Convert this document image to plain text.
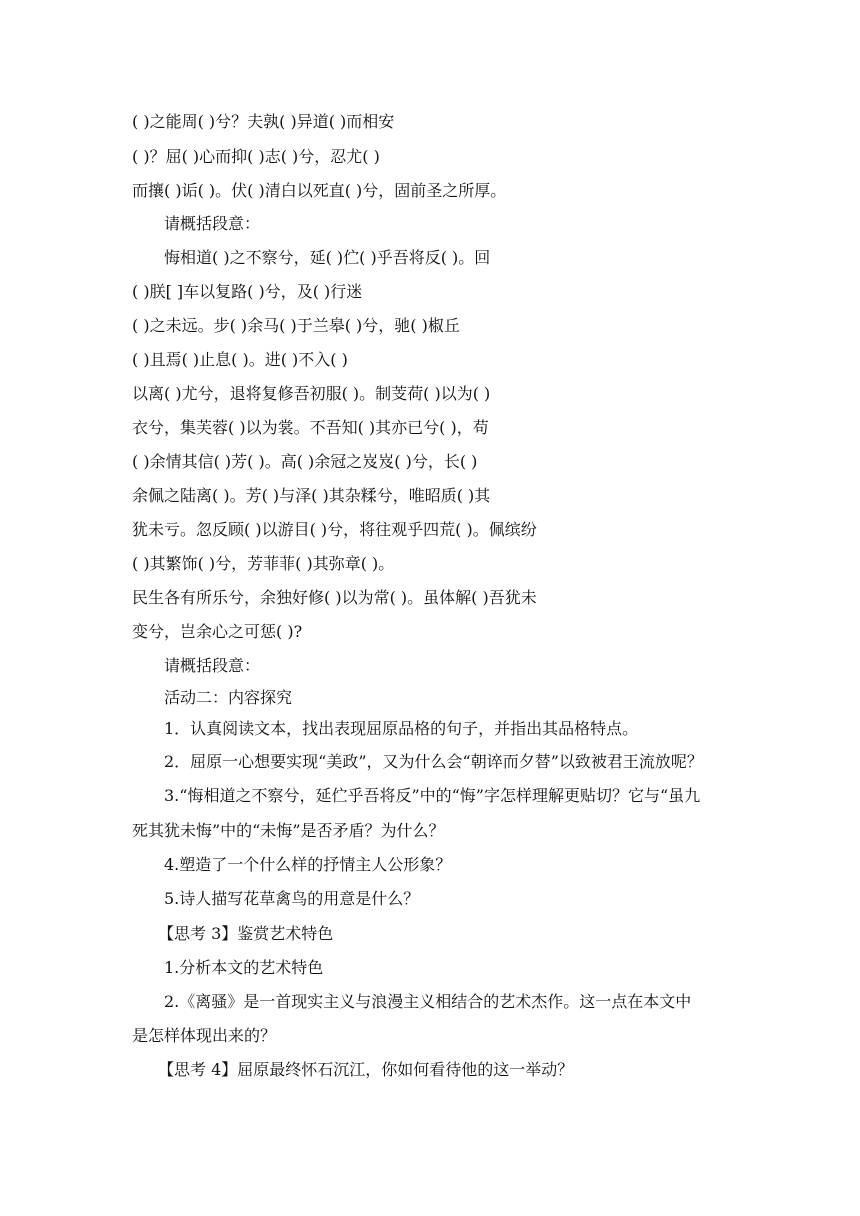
( )之能周( )兮？夫孰( )异道( )而相安
( )？屈( )心而抑( )志( )兮，忍尤( )
而攘( )诟( )。伏( )清白以死直( )兮，固前圣之所厚。
请概括段意：
悔相道( )之不察兮，延( )伫( )乎吾将反( )。回
( )朕[ ]车以复路( )兮，及( )行迷
( )之未远。步( )余马( )于兰皋( )兮，驰( )椒丘
( )且焉( )止息( )。进( )不入( )
以离( )尤兮，退将复修吾初服( )。制芰荷( )以为( )
衣兮，集芙蓉( )以为裳。不吾知( )其亦已兮( )，苟
( )余情其信( )芳( )。高( )余冠之岌岌( )兮，长( )
余佩之陆离( )。芳( )与泽( )其杂糅兮，唯昭质( )其
犹未亏。忽反顾( )以游目( )兮，将往观乎四荒( )。佩缤纷
( )其繁饰( )兮，芳菲菲( )其弥章( )。
民生各有所乐兮，余独好修( )以为常( )。虽体解( )吾犹未
变兮，岂余心之可惩( )?
请概括段意：
活动二：内容探究
1．认真阅读文本，找出表现屈原品格的句子，并指出其品格特点。
2．屈原一心想要实现“美政”，又为什么会“朝谇而夕替”以致被君王流放呢？
3.“悔相道之不察兮，延伫乎吾将反”中的“悔”字怎样理解更贴切？它与“虽九
死其犹未悔”中的“未悔”是否矛盾？为什么？
4.塑造了一个什么样的抒情主人公形象？
5.诗人描写花草禽鸟的用意是什么？
【思考 3】鉴赏艺术特色
1.分析本文的艺术特色
2.《离骚》是一首现实主义与浪漫主义相结合的艺术杰作。这一点在本文中
是怎样体现出来的？
【思考 4】屈原最终怀石沉江，你如何看待他的这一举动？
